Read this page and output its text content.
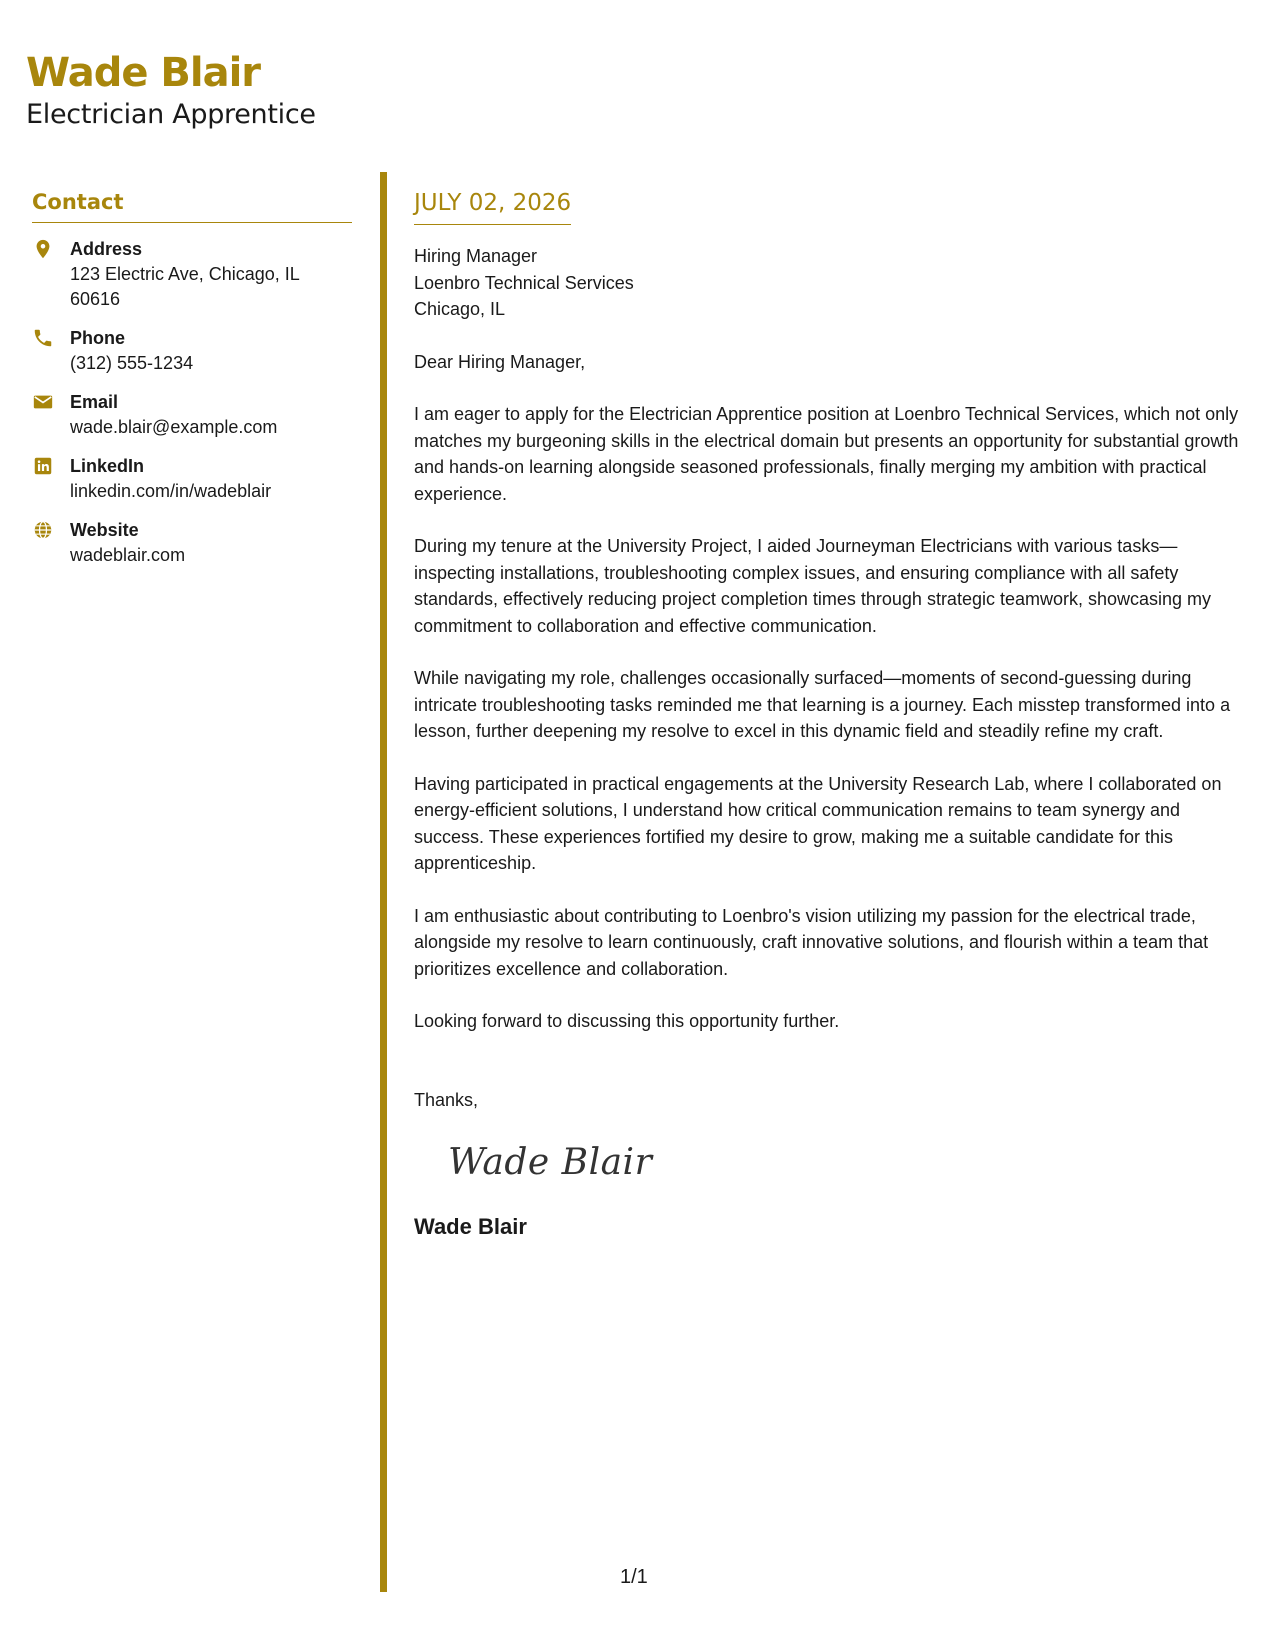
Wade Blair

Electrician Apprentice

Contact
Address
123 Electric Ave, Chicago, IL 60616
Phone
(312) 555-1234
Email
wade.blair@example.com
LinkedIn
linkedin.com/in/wadeblair
Website
wadeblair.com
JULY 02, 2026

Hiring Manager

Loenbro Technical Services

Chicago, IL

Dear Hiring Manager,

I am eager to apply for the Electrician Apprentice position at Loenbro Technical Services, which not only matches my burgeoning skills in the electrical domain but presents an opportunity for substantial growth and hands-on learning alongside seasoned professionals, finally merging my ambition with practical experience.

During my tenure at the University Project, I aided Journeyman Electricians with various tasks—inspecting installations, troubleshooting complex issues, and ensuring compliance with all safety standards, effectively reducing project completion times through strategic teamwork, showcasing my commitment to collaboration and effective communication.

While navigating my role, challenges occasionally surfaced—moments of second-guessing during intricate troubleshooting tasks reminded me that learning is a journey. Each misstep transformed into a lesson, further deepening my resolve to excel in this dynamic field and steadily refine my craft.

Having participated in practical engagements at the University Research Lab, where I collaborated on energy-efficient solutions, I understand how critical communication remains to team synergy and success. These experiences fortified my desire to grow, making me a suitable candidate for this apprenticeship.

I am enthusiastic about contributing to Loenbro's vision utilizing my passion for the electrical trade, alongside my resolve to learn continuously, craft innovative solutions, and flourish within a team that prioritizes excellence and collaboration.

Looking forward to discussing this opportunity further.

Thanks,

Wade Blair
Wade Blair
1/1
